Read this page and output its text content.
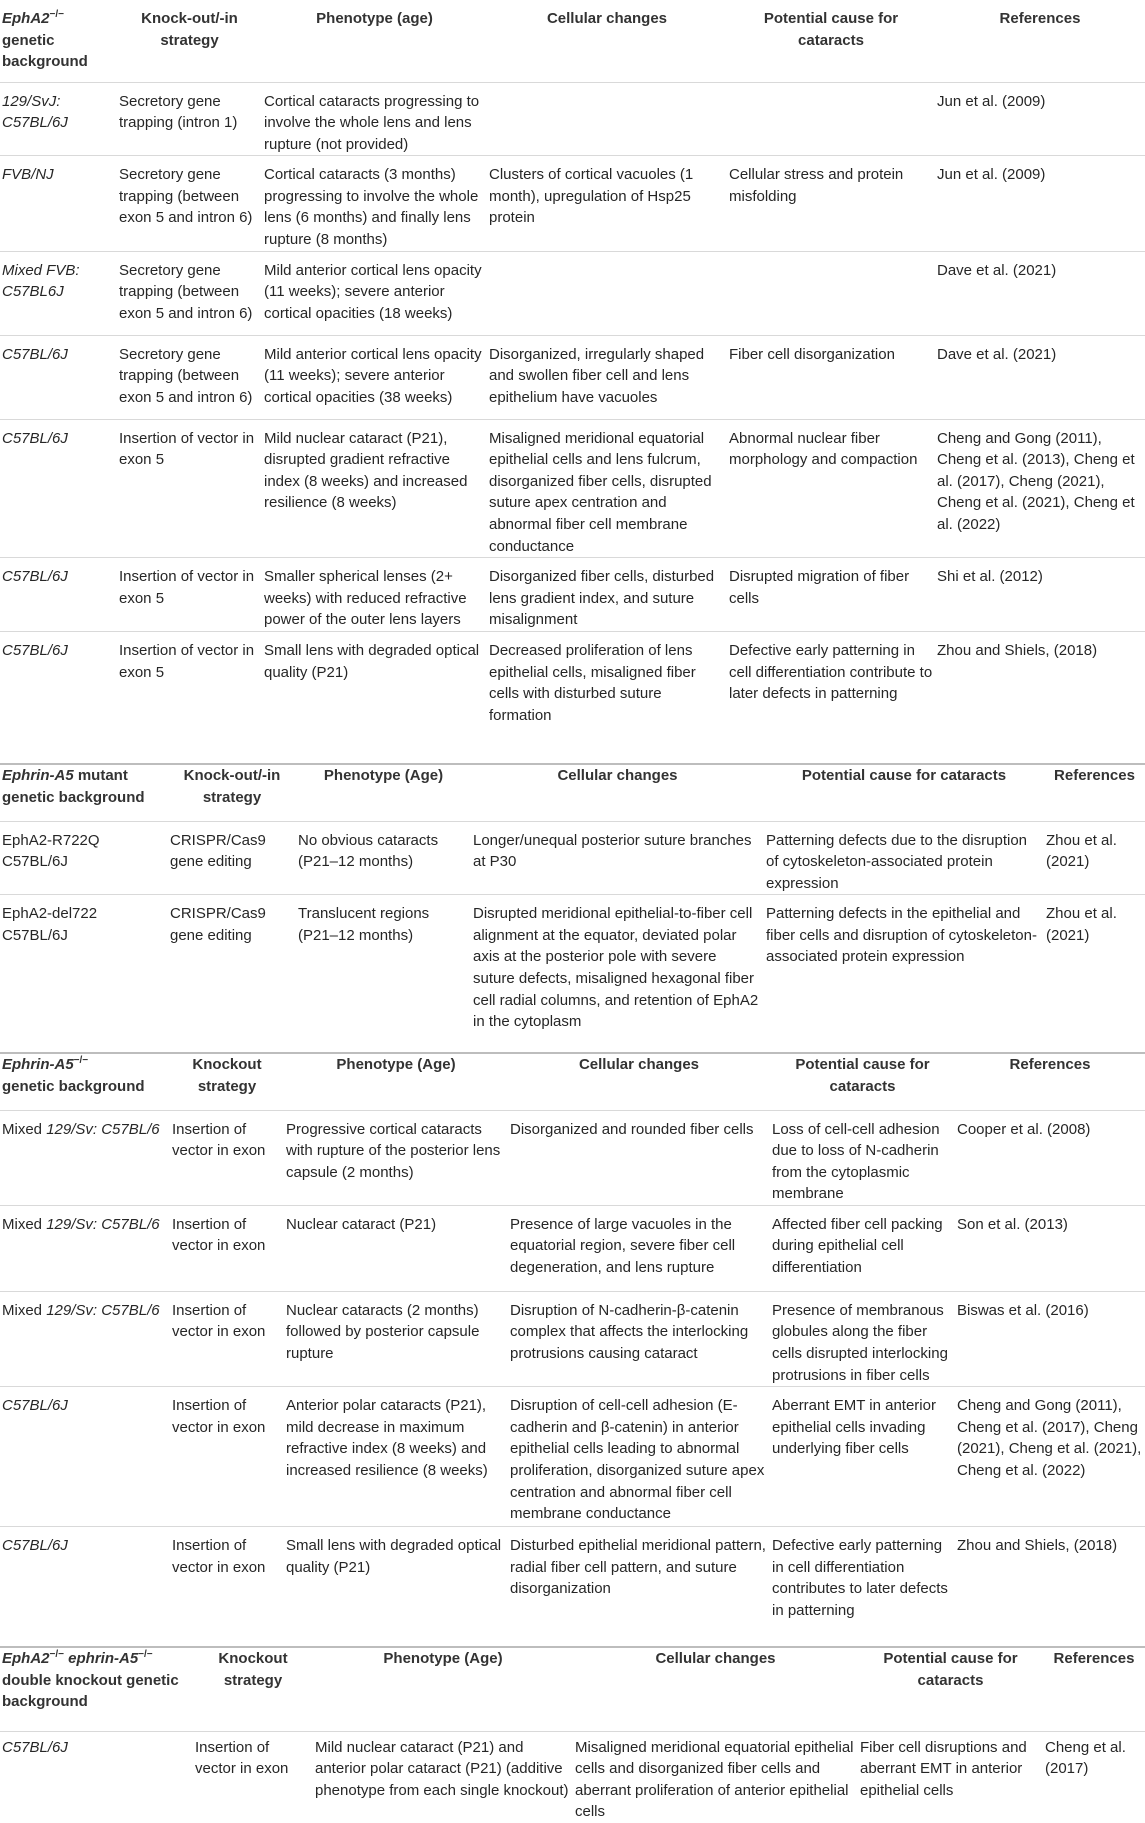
EphA2−/−
genetic background	Knock-out/-in strategy	Phenotype (age)	Cellular changes	Potential cause for cataracts	References
129/SvJ: C57BL/6J	Secretory gene trapping (intron 1)	Cortical cataracts progressing to involve the whole lens and lens rupture (not provided)			Jun et al. (2009)
FVB/NJ	Secretory gene trapping (between exon 5 and intron 6)	Cortical cataracts (3 months) progressing to involve the whole lens (6 months) and finally lens rupture (8 months)	Clusters of cortical vacuoles (1 month), upregulation of Hsp25 protein	Cellular stress and protein misfolding	Jun et al. (2009)
Mixed FVB: C57BL6J	Secretory gene trapping (between exon 5 and intron 6)	Mild anterior cortical lens opacity (11 weeks); severe anterior cortical opacities (18 weeks)			Dave et al. (2021)
C57BL/6J	Secretory gene trapping (between exon 5 and intron 6)	Mild anterior cortical lens opacity (11 weeks); severe anterior cortical opacities (38 weeks)	Disorganized, irregularly shaped and swollen fiber cell and lens epithelium have vacuoles	Fiber cell disorganization	Dave et al. (2021)
C57BL/6J	Insertion of vector in exon 5	Mild nuclear cataract (P21), disrupted gradient refractive index (8 weeks) and increased resilience (8 weeks)	Misaligned meridional equatorial epithelial cells and lens fulcrum, disorganized fiber cells, disrupted suture apex centration and abnormal fiber cell membrane conductance	Abnormal nuclear fiber morphology and compaction	Cheng and Gong (2011), Cheng et al. (2013), Cheng et al. (2017), Cheng (2021), Cheng et al. (2021), Cheng et al. (2022)
C57BL/6J	Insertion of vector in exon 5	Smaller spherical lenses (2+ weeks) with reduced refractive power of the outer lens layers	Disorganized fiber cells, disturbed lens gradient index, and suture misalignment	Disrupted migration of fiber cells	Shi et al. (2012)
C57BL/6J	Insertion of vector in exon 5	Small lens with degraded optical quality (P21)	Decreased proliferation of lens epithelial cells, misaligned fiber cells with disturbed suture formation	Defective early patterning in cell differentiation contribute to later defects in patterning	Zhou and Shiels, (2018)
Ephrin-A5 mutant genetic background	Knock-out/-in strategy	Phenotype (Age)	Cellular changes	Potential cause for cataracts	References
EphA2-R722Q C57BL/6J	CRISPR/Cas9 gene editing	No obvious cataracts (P21–12 months)	Longer/unequal posterior suture branches at P30	Patterning defects due to the disruption of cytoskeleton-associated protein expression	Zhou et al. (2021)
EphA2-del722 C57BL/6J	CRISPR/Cas9 gene editing	Translucent regions (P21–12 months)	Disrupted meridional epithelial-to-fiber cell alignment at the equator, deviated polar axis at the posterior pole with severe suture defects, misaligned hexagonal fiber cell radial columns, and retention of EphA2 in the cytoplasm	Patterning defects in the epithelial and fiber cells and disruption of cytoskeleton-associated protein expression	Zhou et al. (2021)
Ephrin-A5−/−
genetic background	Knockout strategy	Phenotype (Age)	Cellular changes	Potential cause for cataracts	References
Mixed 129/Sv: C57BL/6	Insertion of vector in exon	Progressive cortical cataracts with rupture of the posterior lens capsule (2 months)	Disorganized and rounded fiber cells	Loss of cell-cell adhesion due to loss of N-cadherin from the cytoplasmic membrane	Cooper et al. (2008)
Mixed 129/Sv: C57BL/6	Insertion of vector in exon	Nuclear cataract (P21)	Presence of large vacuoles in the equatorial region, severe fiber cell degeneration, and lens rupture	Affected fiber cell packing during epithelial cell differentiation	Son et al. (2013)
Mixed 129/Sv: C57BL/6	Insertion of vector in exon	Nuclear cataracts (2 months) followed by posterior capsule rupture	Disruption of N-cadherin-β-catenin complex that affects the interlocking protrusions causing cataract	Presence of membranous globules along the fiber cells disrupted interlocking protrusions in fiber cells	Biswas et al. (2016)
C57BL/6J	Insertion of vector in exon	Anterior polar cataracts (P21), mild decrease in maximum refractive index (8 weeks) and increased resilience (8 weeks)	Disruption of cell-cell adhesion (E-cadherin and β-catenin) in anterior epithelial cells leading to abnormal proliferation, disorganized suture apex centration and abnormal fiber cell membrane conductance	Aberrant EMT in anterior epithelial cells invading underlying fiber cells	Cheng and Gong (2011), Cheng et al. (2017), Cheng (2021), Cheng et al. (2021), Cheng et al. (2022)
C57BL/6J	Insertion of vector in exon	Small lens with degraded optical quality (P21)	Disturbed epithelial meridional pattern, radial fiber cell pattern, and suture disorganization	Defective early patterning in cell differentiation contributes to later defects in patterning	Zhou and Shiels, (2018)
EphA2−/− ephrin-A5−/−
double knockout genetic background	Knockout strategy	Phenotype (Age)	Cellular changes	Potential cause for cataracts	References
C57BL/6J	Insertion of vector in exon	Mild nuclear cataract (P21) and anterior polar cataract (P21) (additive phenotype from each single knockout)	Misaligned meridional equatorial epithelial cells and disorganized fiber cells and aberrant proliferation of anterior epithelial cells	Fiber cell disruptions and aberrant EMT in anterior epithelial cells	Cheng et al. (2017)
